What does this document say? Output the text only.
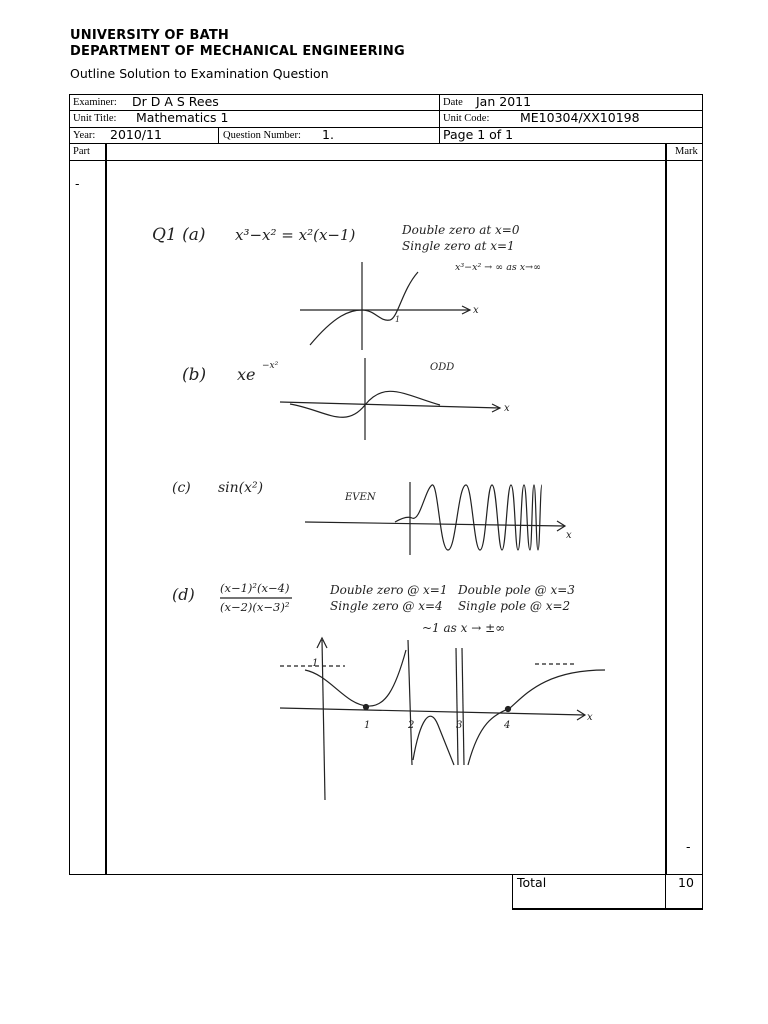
UNIVERSITY OF BATH
DEPARTMENT OF MECHANICAL ENGINEERING
Outline Solution to Examination Question
Examiner: Dr D A S Rees	Date Jan 2011
Unit Title: Mathematics 1	Unit Code: ME10304/XX10198
Year: 2010/11	Question Number: 1.	Page 1 of 1
Part	Mark
-
-
Total	10
Q1 (a) x³−x² = x²(x−1)	Double zero at x=0
Single zero at x=1
x³−x² → ∞ as x→∞
1
x
(b) xe −x²	ODD
x
(c) sin(x²)
EVEN
x
(d) (x−1)²(x−4)
(x−2)(x−3)²
Double zero @ x=1 Double pole @ x=3
Single zero @ x=4 Single pole @ x=2
~1 as x → ±∞
1
1	2	3	4
x
